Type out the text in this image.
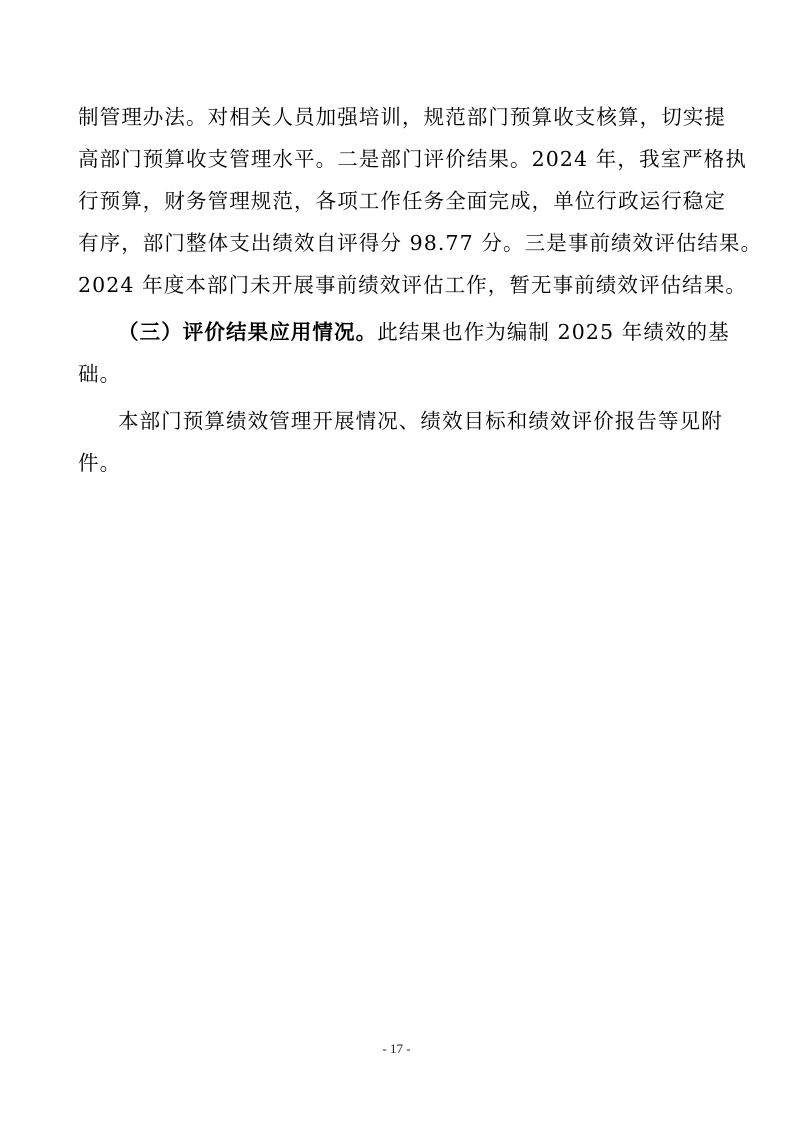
制管理办法。对相关人员加强培训，规范部门预算收支核算，切实提
高部门预算收支管理水平。二是部门评价结果。2024 年，我室严格执
行预算，财务管理规范，各项工作任务全面完成，单位行政运行稳定
有序，部门整体支出绩效自评得分 98.77 分。三是事前绩效评估结果。
2024 年度本部门未开展事前绩效评估工作，暂无事前绩效评估结果。
（三）评价结果应用情况。此结果也作为编制 2025 年绩效的基
础。
本部门预算绩效管理开展情况、绩效目标和绩效评价报告等见附
件。
- 17 -
